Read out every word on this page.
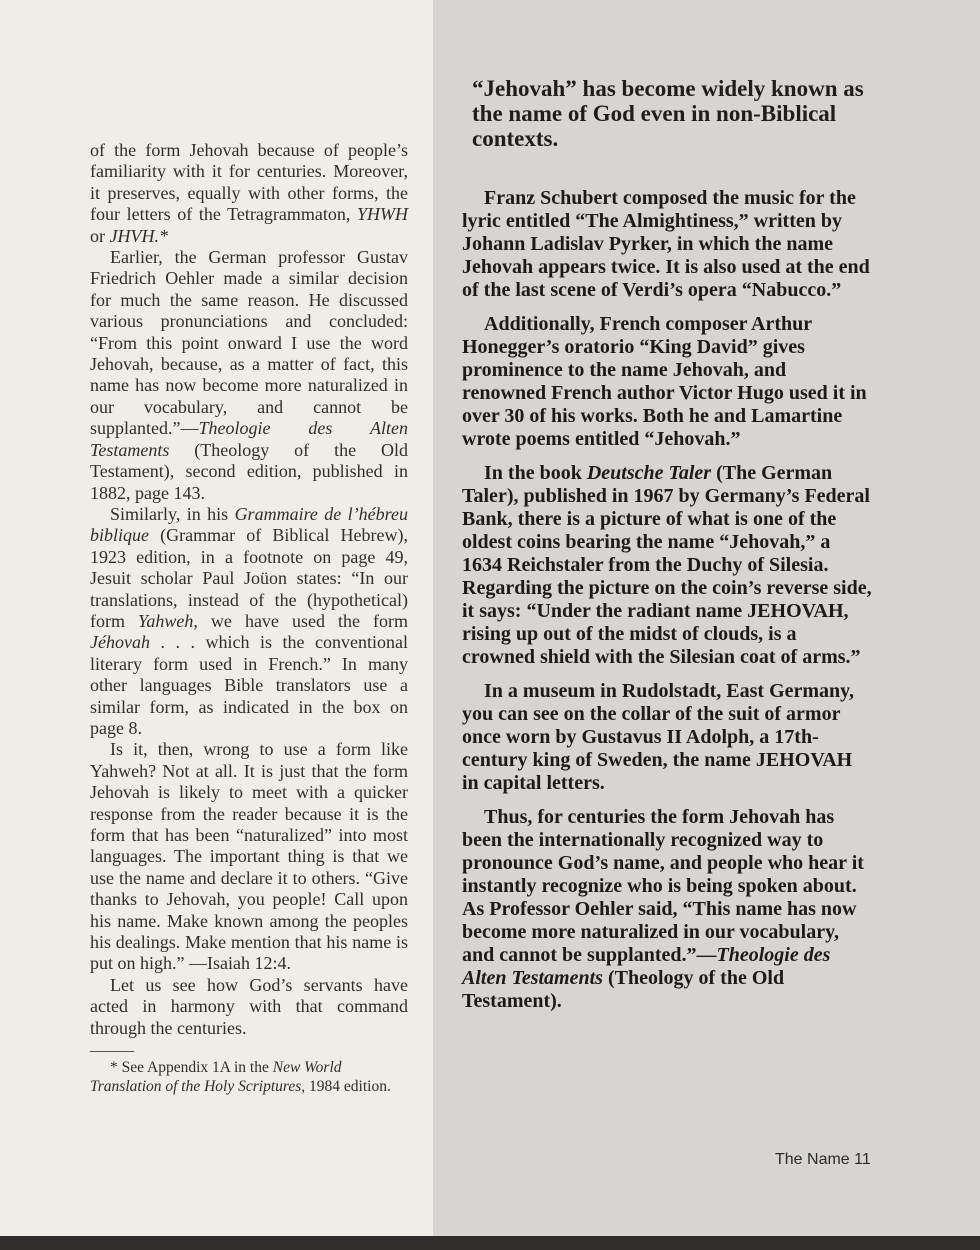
of the form Jehovah because of people’s familiarity with it for centuries. Moreover, it preserves, equally with other forms, the four letters of the Tetragrammaton, YHWH or JHVH.*

Earlier, the German professor Gustav Friedrich Oehler made a similar decision for much the same reason. He discussed various pronunciations and concluded: “From this point onward I use the word Jehovah, because, as a matter of fact, this name has now become more naturalized in our vocabulary, and cannot be supplanted.”—Theologie des Alten Testaments (Theology of the Old Testament), second edition, published in 1882, page 143.

Similarly, in his Grammaire de l’hébreu biblique (Grammar of Biblical Hebrew), 1923 edition, in a footnote on page 49, Jesuit scholar Paul Joüon states: “In our translations, instead of the (hypothetical) form Yahweh, we have used the form Jéhovah . . . which is the conventional literary form used in French.” In many other languages Bible translators use a similar form, as indicated in the box on page 8.

Is it, then, wrong to use a form like Yahweh? Not at all. It is just that the form Jehovah is likely to meet with a quicker response from the reader because it is the form that has been “naturalized” into most languages. The important thing is that we use the name and declare it to others. “Give thanks to Jehovah, you people! Call upon his name. Make known among the peoples his dealings. Make mention that his name is put on high.” —Isaiah 12:4.

Let us see how God’s servants have acted in harmony with that command through the centuries.

* See Appendix 1A in the New World Translation of the Holy Scriptures, 1984 edition.

“Jehovah” has become widely known as the name of God even in non-Biblical contexts.

Franz Schubert composed the music for the lyric entitled “The Almightiness,” written by Johann Ladislav Pyrker, in which the name Jehovah appears twice. It is also used at the end of the last scene of Verdi’s opera “Nabucco.”

Additionally, French composer Arthur Honegger’s oratorio “King David” gives prominence to the name Jehovah, and renowned French author Victor Hugo used it in over 30 of his works. Both he and Lamartine wrote poems entitled “Jehovah.”

In the book Deutsche Taler (The German Taler), published in 1967 by Germany’s Federal Bank, there is a picture of what is one of the oldest coins bearing the name “Jehovah,” a 1634 Reichstaler from the Duchy of Silesia. Regarding the picture on the coin’s reverse side, it says: “Under the radiant name JEHOVAH, rising up out of the midst of clouds, is a crowned shield with the Silesian coat of arms.”

In a museum in Rudolstadt, East Germany, you can see on the collar of the suit of armor once worn by Gustavus II Adolph, a 17th-century king of Sweden, the name JEHOVAH in capital letters.

Thus, for centuries the form Jehovah has been the internationally recognized way to pronounce God’s name, and people who hear it instantly recognize who is being spoken about. As Professor Oehler said, “This name has now become more naturalized in our vocabulary, and cannot be supplanted.”—Theologie des Alten Testaments (Theology of the Old Testament).

The Name 11
